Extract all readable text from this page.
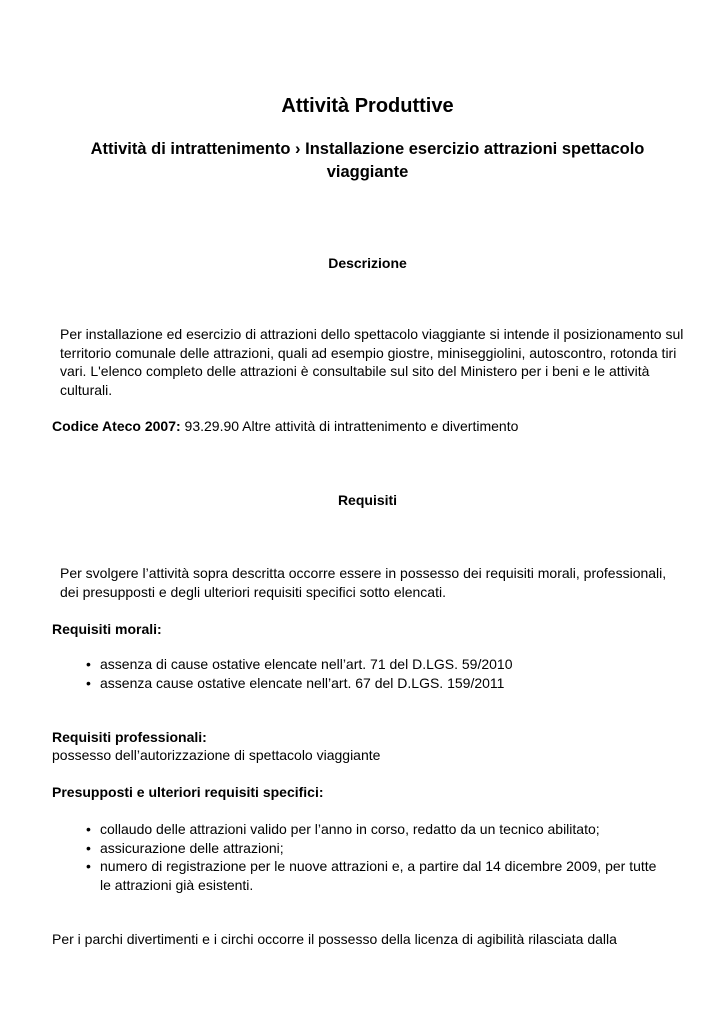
Attività Produttive
Attività di intrattenimento › Installazione esercizio attrazioni spettacolo viaggiante
Descrizione
Per installazione ed esercizio di attrazioni dello spettacolo viaggiante si intende il posizionamento sul territorio comunale delle attrazioni, quali ad esempio giostre, miniseggiolini, autoscontro, rotonda tiri vari. L'elenco completo delle attrazioni è consultabile sul sito del Ministero per i beni e le attività culturali.
Codice Ateco 2007: 93.29.90 Altre attività di intrattenimento e divertimento
Requisiti
Per svolgere l’attività sopra descritta occorre essere in possesso dei requisiti morali, professionali, dei presupposti e degli ulteriori requisiti specifici sotto elencati.
Requisiti morali:
• assenza di cause ostative elencate nell’art. 71 del D.LGS. 59/2010
• assenza cause ostative elencate nell’art. 67 del D.LGS. 159/2011
Requisiti professionali:
possesso dell’autorizzazione di spettacolo viaggiante
Presupposti e ulteriori requisiti specifici:
• collaudo delle attrazioni valido per l’anno in corso, redatto da un tecnico abilitato;
• assicurazione delle attrazioni;
• numero di registrazione per le nuove attrazioni e, a partire dal 14 dicembre 2009, per tutte le attrazioni già esistenti.
Per i parchi divertimenti e i circhi occorre il possesso della licenza di agibilità rilasciata dalla
